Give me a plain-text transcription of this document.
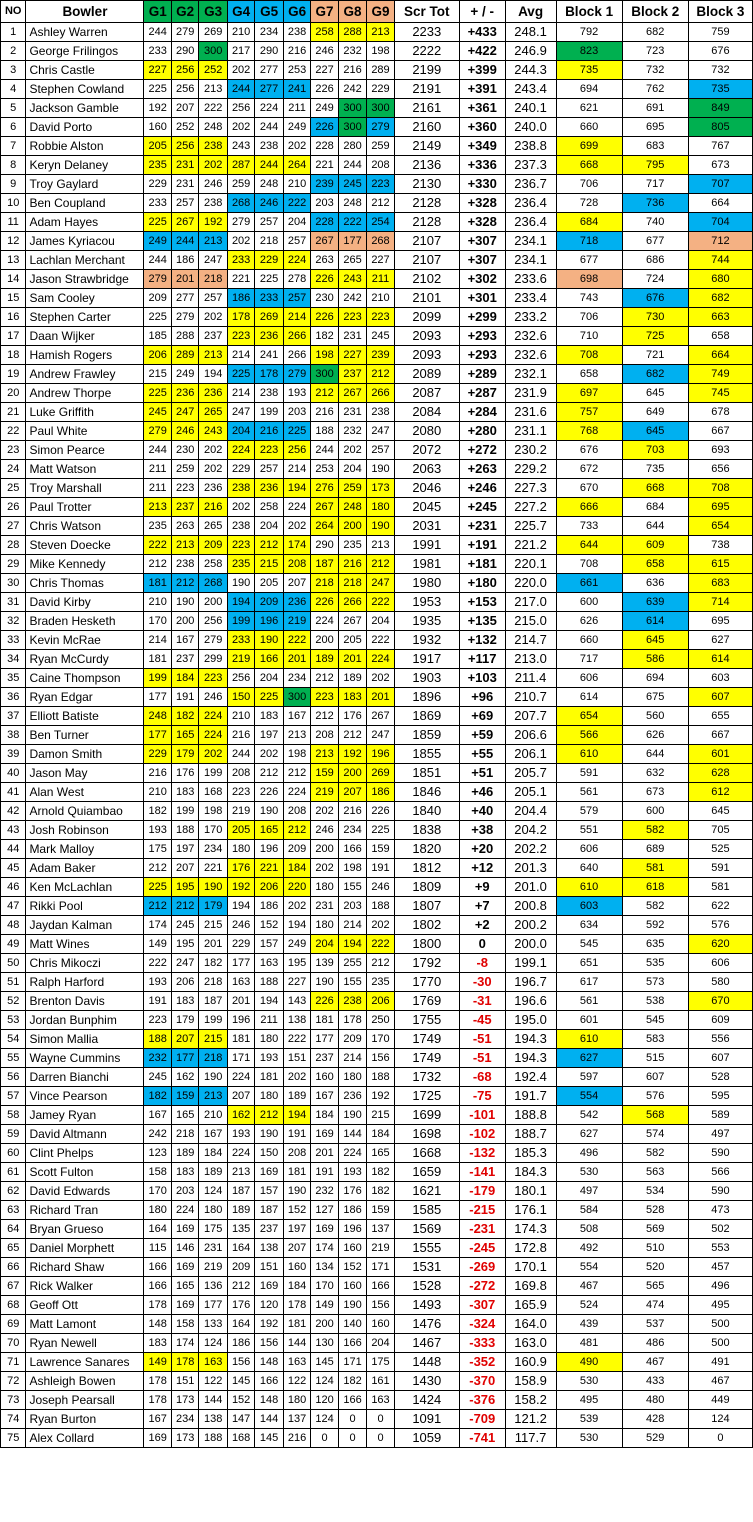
NO	Bowler	G1	G2	G3	G4	G5	G6	G7	G8	G9	Scr Tot	+ / -	Avg	Block 1	Block 2	Block 3
1	Ashley Warren	244	279	269	210	234	238	258	288	213	2233	+433	248.1	792	682	759
2	George Frilingos	233	290	300	217	290	216	246	232	198	2222	+422	246.9	823	723	676
3	Chris Castle	227	256	252	202	277	253	227	216	289	2199	+399	244.3	735	732	732
4	Stephen Cowland	225	256	213	244	277	241	226	242	229	2191	+391	243.4	694	762	735
5	Jackson Gamble	192	207	222	256	224	211	249	300	300	2161	+361	240.1	621	691	849
6	David Porto	160	252	248	202	244	249	226	300	279	2160	+360	240.0	660	695	805
7	Robbie Alston	205	256	238	243	238	202	228	280	259	2149	+349	238.8	699	683	767
8	Keryn Delaney	235	231	202	287	244	264	221	244	208	2136	+336	237.3	668	795	673
9	Troy Gaylard	229	231	246	259	248	210	239	245	223	2130	+330	236.7	706	717	707
10	Ben Coupland	233	257	238	268	246	222	203	248	212	2128	+328	236.4	728	736	664
11	Adam Hayes	225	267	192	279	257	204	228	222	254	2128	+328	236.4	684	740	704
12	James Kyriacou	249	244	213	202	218	257	267	177	268	2107	+307	234.1	718	677	712
13	Lachlan Merchant	244	186	247	233	229	224	263	265	227	2107	+307	234.1	677	686	744
14	Jason Strawbridge	279	201	218	221	225	278	226	243	211	2102	+302	233.6	698	724	680
15	Sam Cooley	209	277	257	186	233	257	230	242	210	2101	+301	233.4	743	676	682
16	Stephen Carter	225	279	202	178	269	214	226	223	223	2099	+299	233.2	706	730	663
17	Daan Wijker	185	288	237	223	236	266	182	231	245	2093	+293	232.6	710	725	658
18	Hamish Rogers	206	289	213	214	241	266	198	227	239	2093	+293	232.6	708	721	664
19	Andrew Frawley	215	249	194	225	178	279	300	237	212	2089	+289	232.1	658	682	749
20	Andrew Thorpe	225	236	236	214	238	193	212	267	266	2087	+287	231.9	697	645	745
21	Luke Griffith	245	247	265	247	199	203	216	231	238	2084	+284	231.6	757	649	678
22	Paul White	279	246	243	204	216	225	188	232	247	2080	+280	231.1	768	645	667
23	Simon Pearce	244	230	202	224	223	256	244	202	257	2072	+272	230.2	676	703	693
24	Matt Watson	211	259	202	229	257	214	253	204	190	2063	+263	229.2	672	735	656
25	Troy Marshall	211	223	236	238	236	194	276	259	173	2046	+246	227.3	670	668	708
26	Paul Trotter	213	237	216	202	258	224	267	248	180	2045	+245	227.2	666	684	695
27	Chris Watson	235	263	265	238	204	202	264	200	190	2031	+231	225.7	733	644	654
28	Steven Doecke	222	213	209	223	212	174	290	235	213	1991	+191	221.2	644	609	738
29	Mike Kennedy	212	238	258	235	215	208	187	216	212	1981	+181	220.1	708	658	615
30	Chris Thomas	181	212	268	190	205	207	218	218	247	1980	+180	220.0	661	636	683
31	David Kirby	210	190	200	194	209	236	226	266	222	1953	+153	217.0	600	639	714
32	Braden Hesketh	170	200	256	199	196	219	224	267	204	1935	+135	215.0	626	614	695
33	Kevin McRae	214	167	279	233	190	222	200	205	222	1932	+132	214.7	660	645	627
34	Ryan McCurdy	181	237	299	219	166	201	189	201	224	1917	+117	213.0	717	586	614
35	Caine Thompson	199	184	223	256	204	234	212	189	202	1903	+103	211.4	606	694	603
36	Ryan Edgar	177	191	246	150	225	300	223	183	201	1896	+96	210.7	614	675	607
37	Elliott Batiste	248	182	224	210	183	167	212	176	267	1869	+69	207.7	654	560	655
38	Ben Turner	177	165	224	216	197	213	208	212	247	1859	+59	206.6	566	626	667
39	Damon Smith	229	179	202	244	202	198	213	192	196	1855	+55	206.1	610	644	601
40	Jason May	216	176	199	208	212	212	159	200	269	1851	+51	205.7	591	632	628
41	Alan West	210	183	168	223	226	224	219	207	186	1846	+46	205.1	561	673	612
42	Arnold Quiambao	182	199	198	219	190	208	202	216	226	1840	+40	204.4	579	600	645
43	Josh Robinson	193	188	170	205	165	212	246	234	225	1838	+38	204.2	551	582	705
44	Mark Malloy	175	197	234	180	196	209	200	166	159	1820	+20	202.2	606	689	525
45	Adam Baker	212	207	221	176	221	184	202	198	191	1812	+12	201.3	640	581	591
46	Ken McLachlan	225	195	190	192	206	220	180	155	246	1809	+9	201.0	610	618	581
47	Rikki Pool	212	212	179	194	186	202	231	203	188	1807	+7	200.8	603	582	622
48	Jaydan Kalman	174	245	215	246	152	194	180	214	202	1802	+2	200.2	634	592	576
49	Matt Wines	149	195	201	229	157	249	204	194	222	1800	0	200.0	545	635	620
50	Chris Mikoczi	222	247	182	177	163	195	139	255	212	1792	-8	199.1	651	535	606
51	Ralph Harford	193	206	218	163	188	227	190	155	235	1770	-30	196.7	617	573	580
52	Brenton Davis	191	183	187	201	194	143	226	238	206	1769	-31	196.6	561	538	670
53	Jordan Bunphim	223	179	199	196	211	138	181	178	250	1755	-45	195.0	601	545	609
54	Simon Mallia	188	207	215	181	180	222	177	209	170	1749	-51	194.3	610	583	556
55	Wayne Cummins	232	177	218	171	193	151	237	214	156	1749	-51	194.3	627	515	607
56	Darren Bianchi	245	162	190	224	181	202	160	180	188	1732	-68	192.4	597	607	528
57	Vince Pearson	182	159	213	207	180	189	167	236	192	1725	-75	191.7	554	576	595
58	Jamey Ryan	167	165	210	162	212	194	184	190	215	1699	-101	188.8	542	568	589
59	David Altmann	242	218	167	193	190	191	169	144	184	1698	-102	188.7	627	574	497
60	Clint Phelps	123	189	184	224	150	208	201	224	165	1668	-132	185.3	496	582	590
61	Scott Fulton	158	183	189	213	169	181	191	193	182	1659	-141	184.3	530	563	566
62	David Edwards	170	203	124	187	157	190	232	176	182	1621	-179	180.1	497	534	590
63	Richard Tran	180	224	180	189	187	152	127	186	159	1585	-215	176.1	584	528	473
64	Bryan Grueso	164	169	175	135	237	197	169	196	137	1569	-231	174.3	508	569	502
65	Daniel Morphett	115	146	231	164	138	207	174	160	219	1555	-245	172.8	492	510	553
66	Richard Shaw	166	169	219	209	151	160	134	152	171	1531	-269	170.1	554	520	457
67	Rick Walker	166	165	136	212	169	184	170	160	166	1528	-272	169.8	467	565	496
68	Geoff Ott	178	169	177	176	120	178	149	190	156	1493	-307	165.9	524	474	495
69	Matt Lamont	148	158	133	164	192	181	200	140	160	1476	-324	164.0	439	537	500
70	Ryan Newell	183	174	124	186	156	144	130	166	204	1467	-333	163.0	481	486	500
71	Lawrence Sanares	149	178	163	156	148	163	145	171	175	1448	-352	160.9	490	467	491
72	Ashleigh Bowen	178	151	122	145	166	122	124	182	161	1430	-370	158.9	530	433	467
73	Joseph Pearsall	178	173	144	152	148	180	120	166	163	1424	-376	158.2	495	480	449
74	Ryan Burton	167	234	138	147	144	137	124	0	0	1091	-709	121.2	539	428	124
75	Alex Collard	169	173	188	168	145	216	0	0	0	1059	-741	117.7	530	529	0
